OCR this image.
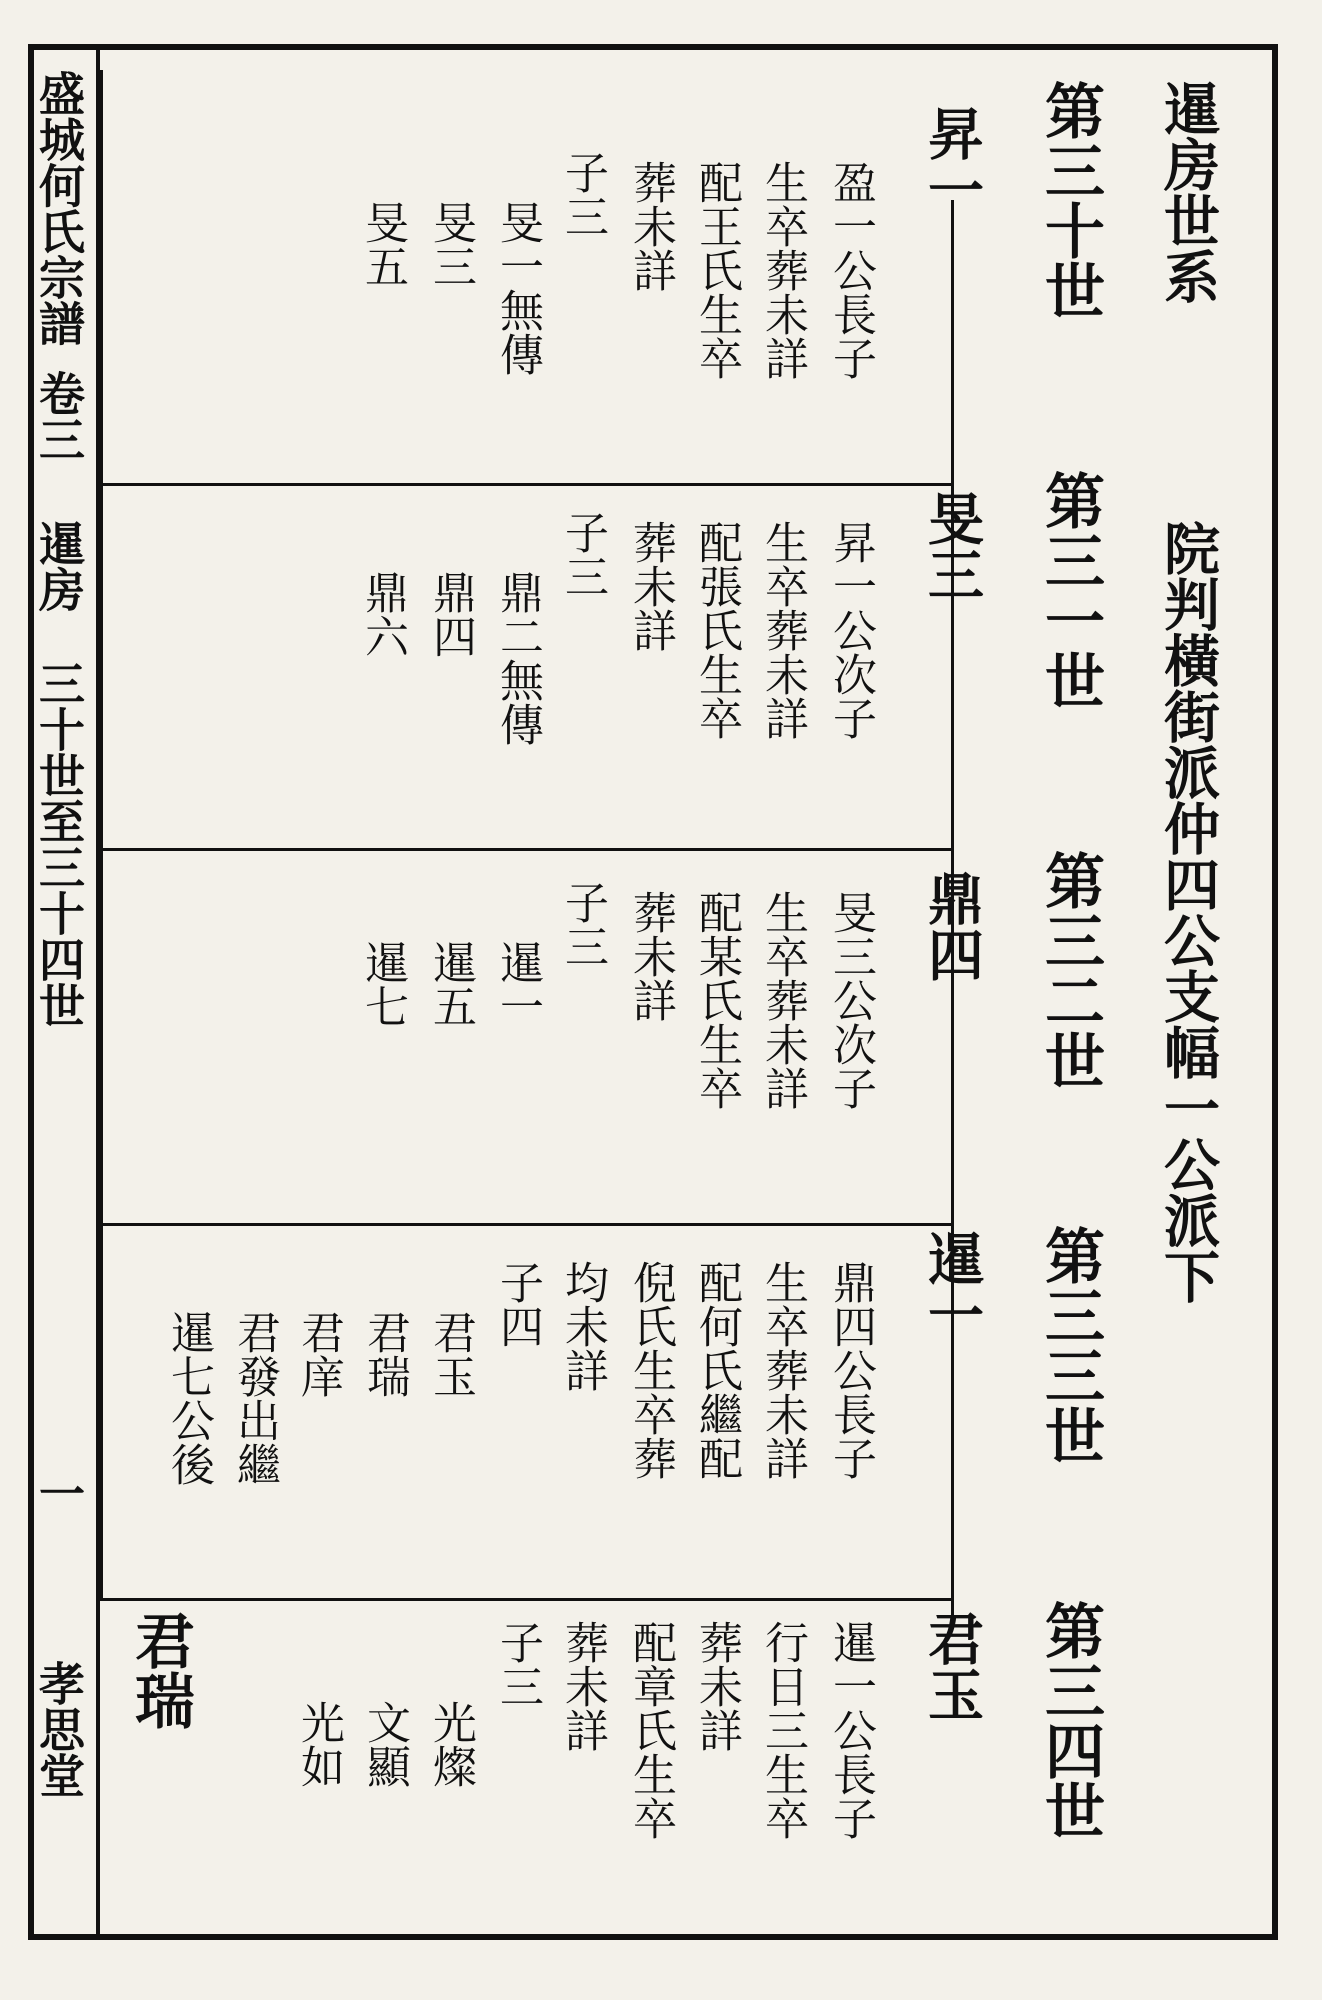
盛城何氏宗譜
卷三
暹房
三十世至三十四世
一
孝思堂
暹房世系
院判橫街派仲四公支幅一公派下
第三十世
第三一世
第三二世
第三三世
第三四世
昇一
盈一公長子
生卒葬未詳
配王氏生卒
葬未詳
子三
旻一無傳
旻三
旻五
旻三
昇一公次子
生卒葬未詳
配張氏生卒
葬未詳
子三
鼎二無傳
鼎四
鼎六
鼎四
旻三公次子
生卒葬未詳
配某氏生卒
葬未詳
子三
暹一
暹五
暹七
暹一
鼎四公長子
生卒葬未詳
配何氏繼配
倪氏生卒葬
均未詳
子四
君玉
君瑞
君庠
君發出繼
暹七公後
君玉
暹一公長子
行日三生卒
葬未詳
配章氏生卒
葬未詳
子三
光燦
文顯
光如
君瑞
